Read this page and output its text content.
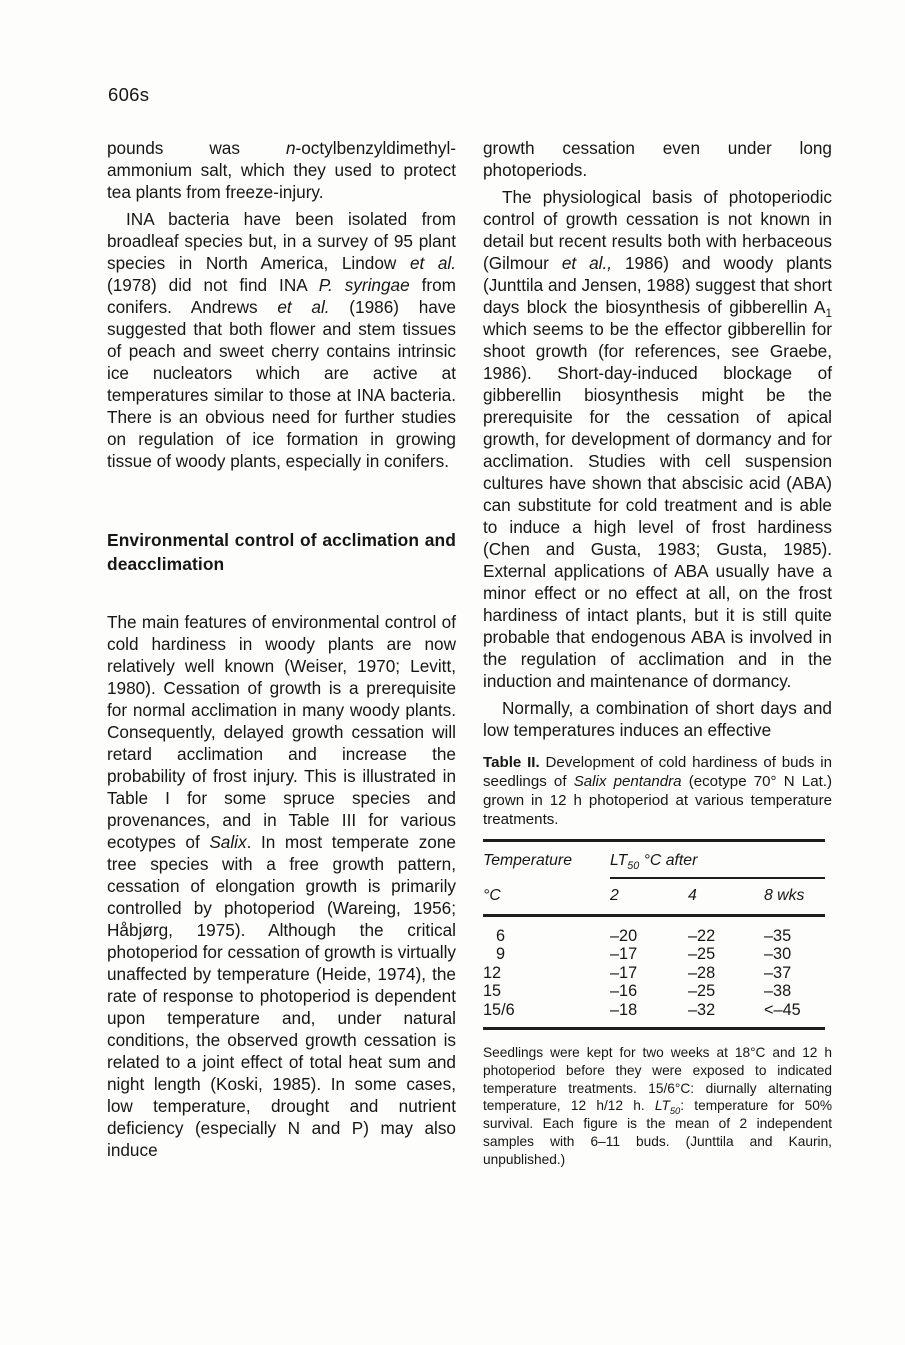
606s

pounds was n-octylbenzyldimethyl-ammonium salt, which they used to protect tea plants from freeze-injury.

INA bacteria have been isolated from broadleaf species but, in a survey of 95 plant species in North America, Lindow et al. (1978) did not find INA P. syringae from conifers. Andrews et al. (1986) have suggested that both flower and stem tissues of peach and sweet cherry contains intrinsic ice nucleators which are active at temperatures similar to those at INA bacteria. There is an obvious need for further studies on regulation of ice formation in growing tissue of woody plants, especially in conifers.

Environmental control of acclimation and deacclimation

The main features of environmental control of cold hardiness in woody plants are now relatively well known (Weiser, 1970; Levitt, 1980). Cessation of growth is a prerequisite for normal acclimation in many woody plants. Consequently, delayed growth cessation will retard acclimation and increase the probability of frost injury. This is illustrated in Table I for some spruce species and provenances, and in Table III for various ecotypes of Salix. In most temperate zone tree species with a free growth pattern, cessation of elongation growth is primarily controlled by photoperiod (Wareing, 1956; Håbjørg, 1975). Although the critical photoperiod for cessation of growth is virtually unaffected by temperature (Heide, 1974), the rate of response to photoperiod is dependent upon temperature and, under natural conditions, the observed growth cessation is related to a joint effect of total heat sum and night length (Koski, 1985). In some cases, low temperature, drought and nutrient deficiency (especially N and P) may also induce

growth cessation even under long photoperiods.

The physiological basis of photoperiodic control of growth cessation is not known in detail but recent results both with herbaceous (Gilmour et al., 1986) and woody plants (Junttila and Jensen, 1988) suggest that short days block the biosynthesis of gibberellin $A_1$ which seems to be the effector gibberellin for shoot growth (for references, see Graebe, 1986). Short-day-induced blockage of gibberellin biosynthesis might be the prerequisite for the cessation of apical growth, for development of dormancy and for acclimation. Studies with cell suspension cultures have shown that abscisic acid (ABA) can substitute for cold treatment and is able to induce a high level of frost hardiness (Chen and Gusta, 1983; Gusta, 1985). External applications of ABA usually have a minor effect or no effect at all, on the frost hardiness of intact plants, but it is still quite probable that endogenous ABA is involved in the regulation of acclimation and in the induction and maintenance of dormancy.

Normally, a combination of short days and low temperatures induces an effective

Table II. Development of cold hardiness of buds in seedlings of Salix pentandra (ecotype 70° N Lat.) grown in 12 h photoperiod at various temperature treatments.

Temperature	$LT_{50}$ °C after
°C	2	4	8 wks
6	–20	–22	–35
9	–17	–25	–30
12	–17	–28	–37
15	–16	–25	–38
15/6	–18	–32	<–45

Seedlings were kept for two weeks at 18°C and 12 h photoperiod before they were exposed to indicated temperature treatments. 15/6°C: diurnally alternating temperature, 12 h/12 h. $LT_{50}$: temperature for 50% survival. Each figure is the mean of 2 independent samples with 6–11 buds. (Junttila and Kaurin, unpublished.)
